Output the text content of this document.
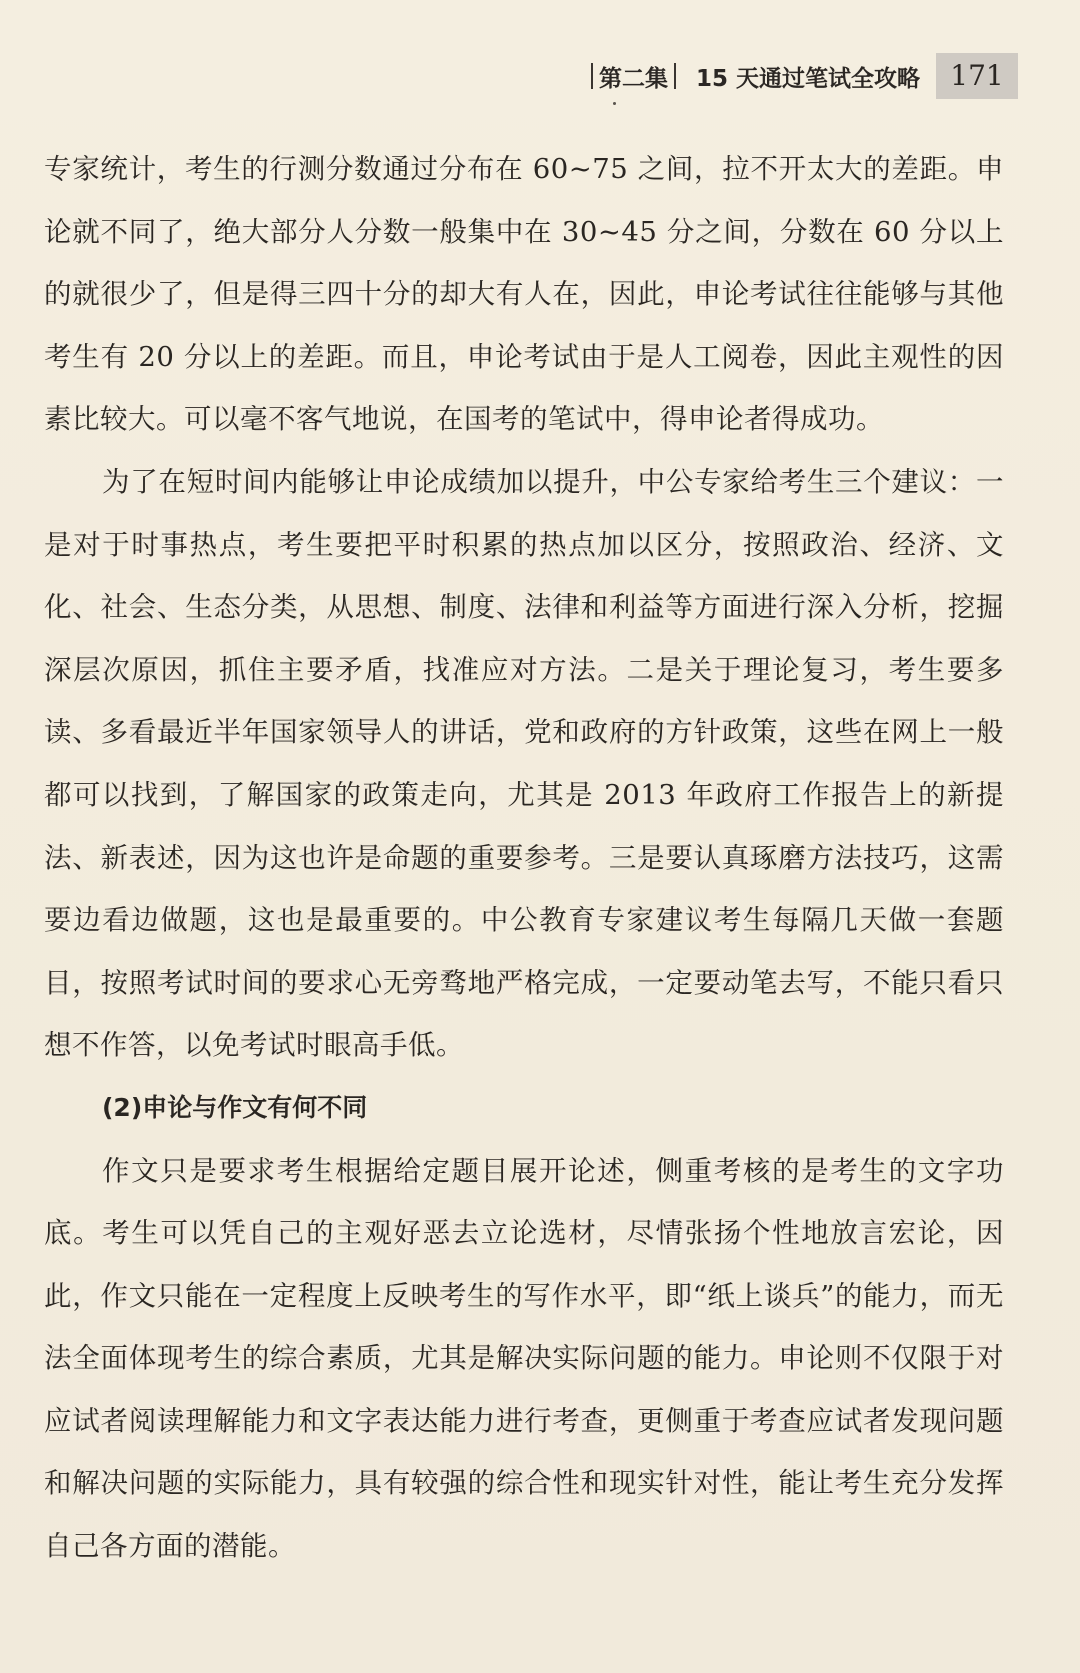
第二集 15 天通过笔试全攻略	171

专家统计，考生的行测分数通过分布在 60~75 之间，拉不开太大的差距。申论就不同了，绝大部分人分数一般集中在 30~45 分之间，分数在 60 分以上的就很少了，但是得三四十分的却大有人在，因此，申论考试往往能够与其他考生有 20 分以上的差距。而且，申论考试由于是人工阅卷，因此主观性的因素比较大。可以毫不客气地说，在国考的笔试中，得申论者得成功。

为了在短时间内能够让申论成绩加以提升，中公专家给考生三个建议：一是对于时事热点，考生要把平时积累的热点加以区分，按照政治、经济、文化、社会、生态分类，从思想、制度、法律和利益等方面进行深入分析，挖掘深层次原因，抓住主要矛盾，找准应对方法。二是关于理论复习，考生要多读、多看最近半年国家领导人的讲话，党和政府的方针政策，这些在网上一般都可以找到，了解国家的政策走向，尤其是 2013 年政府工作报告上的新提法、新表述，因为这也许是命题的重要参考。三是要认真琢磨方法技巧，这需要边看边做题，这也是最重要的。中公教育专家建议考生每隔几天做一套题目，按照考试时间的要求心无旁骛地严格完成，一定要动笔去写，不能只看只想不作答，以免考试时眼高手低。

(2)申论与作文有何不同

作文只是要求考生根据给定题目展开论述，侧重考核的是考生的文字功底。考生可以凭自己的主观好恶去立论选材，尽情张扬个性地放言宏论，因此，作文只能在一定程度上反映考生的写作水平，即“纸上谈兵”的能力，而无法全面体现考生的综合素质，尤其是解决实际问题的能力。申论则不仅限于对应试者阅读理解能力和文字表达能力进行考查，更侧重于考查应试者发现问题和解决问题的实际能力，具有较强的综合性和现实针对性，能让考生充分发挥自己各方面的潜能。
